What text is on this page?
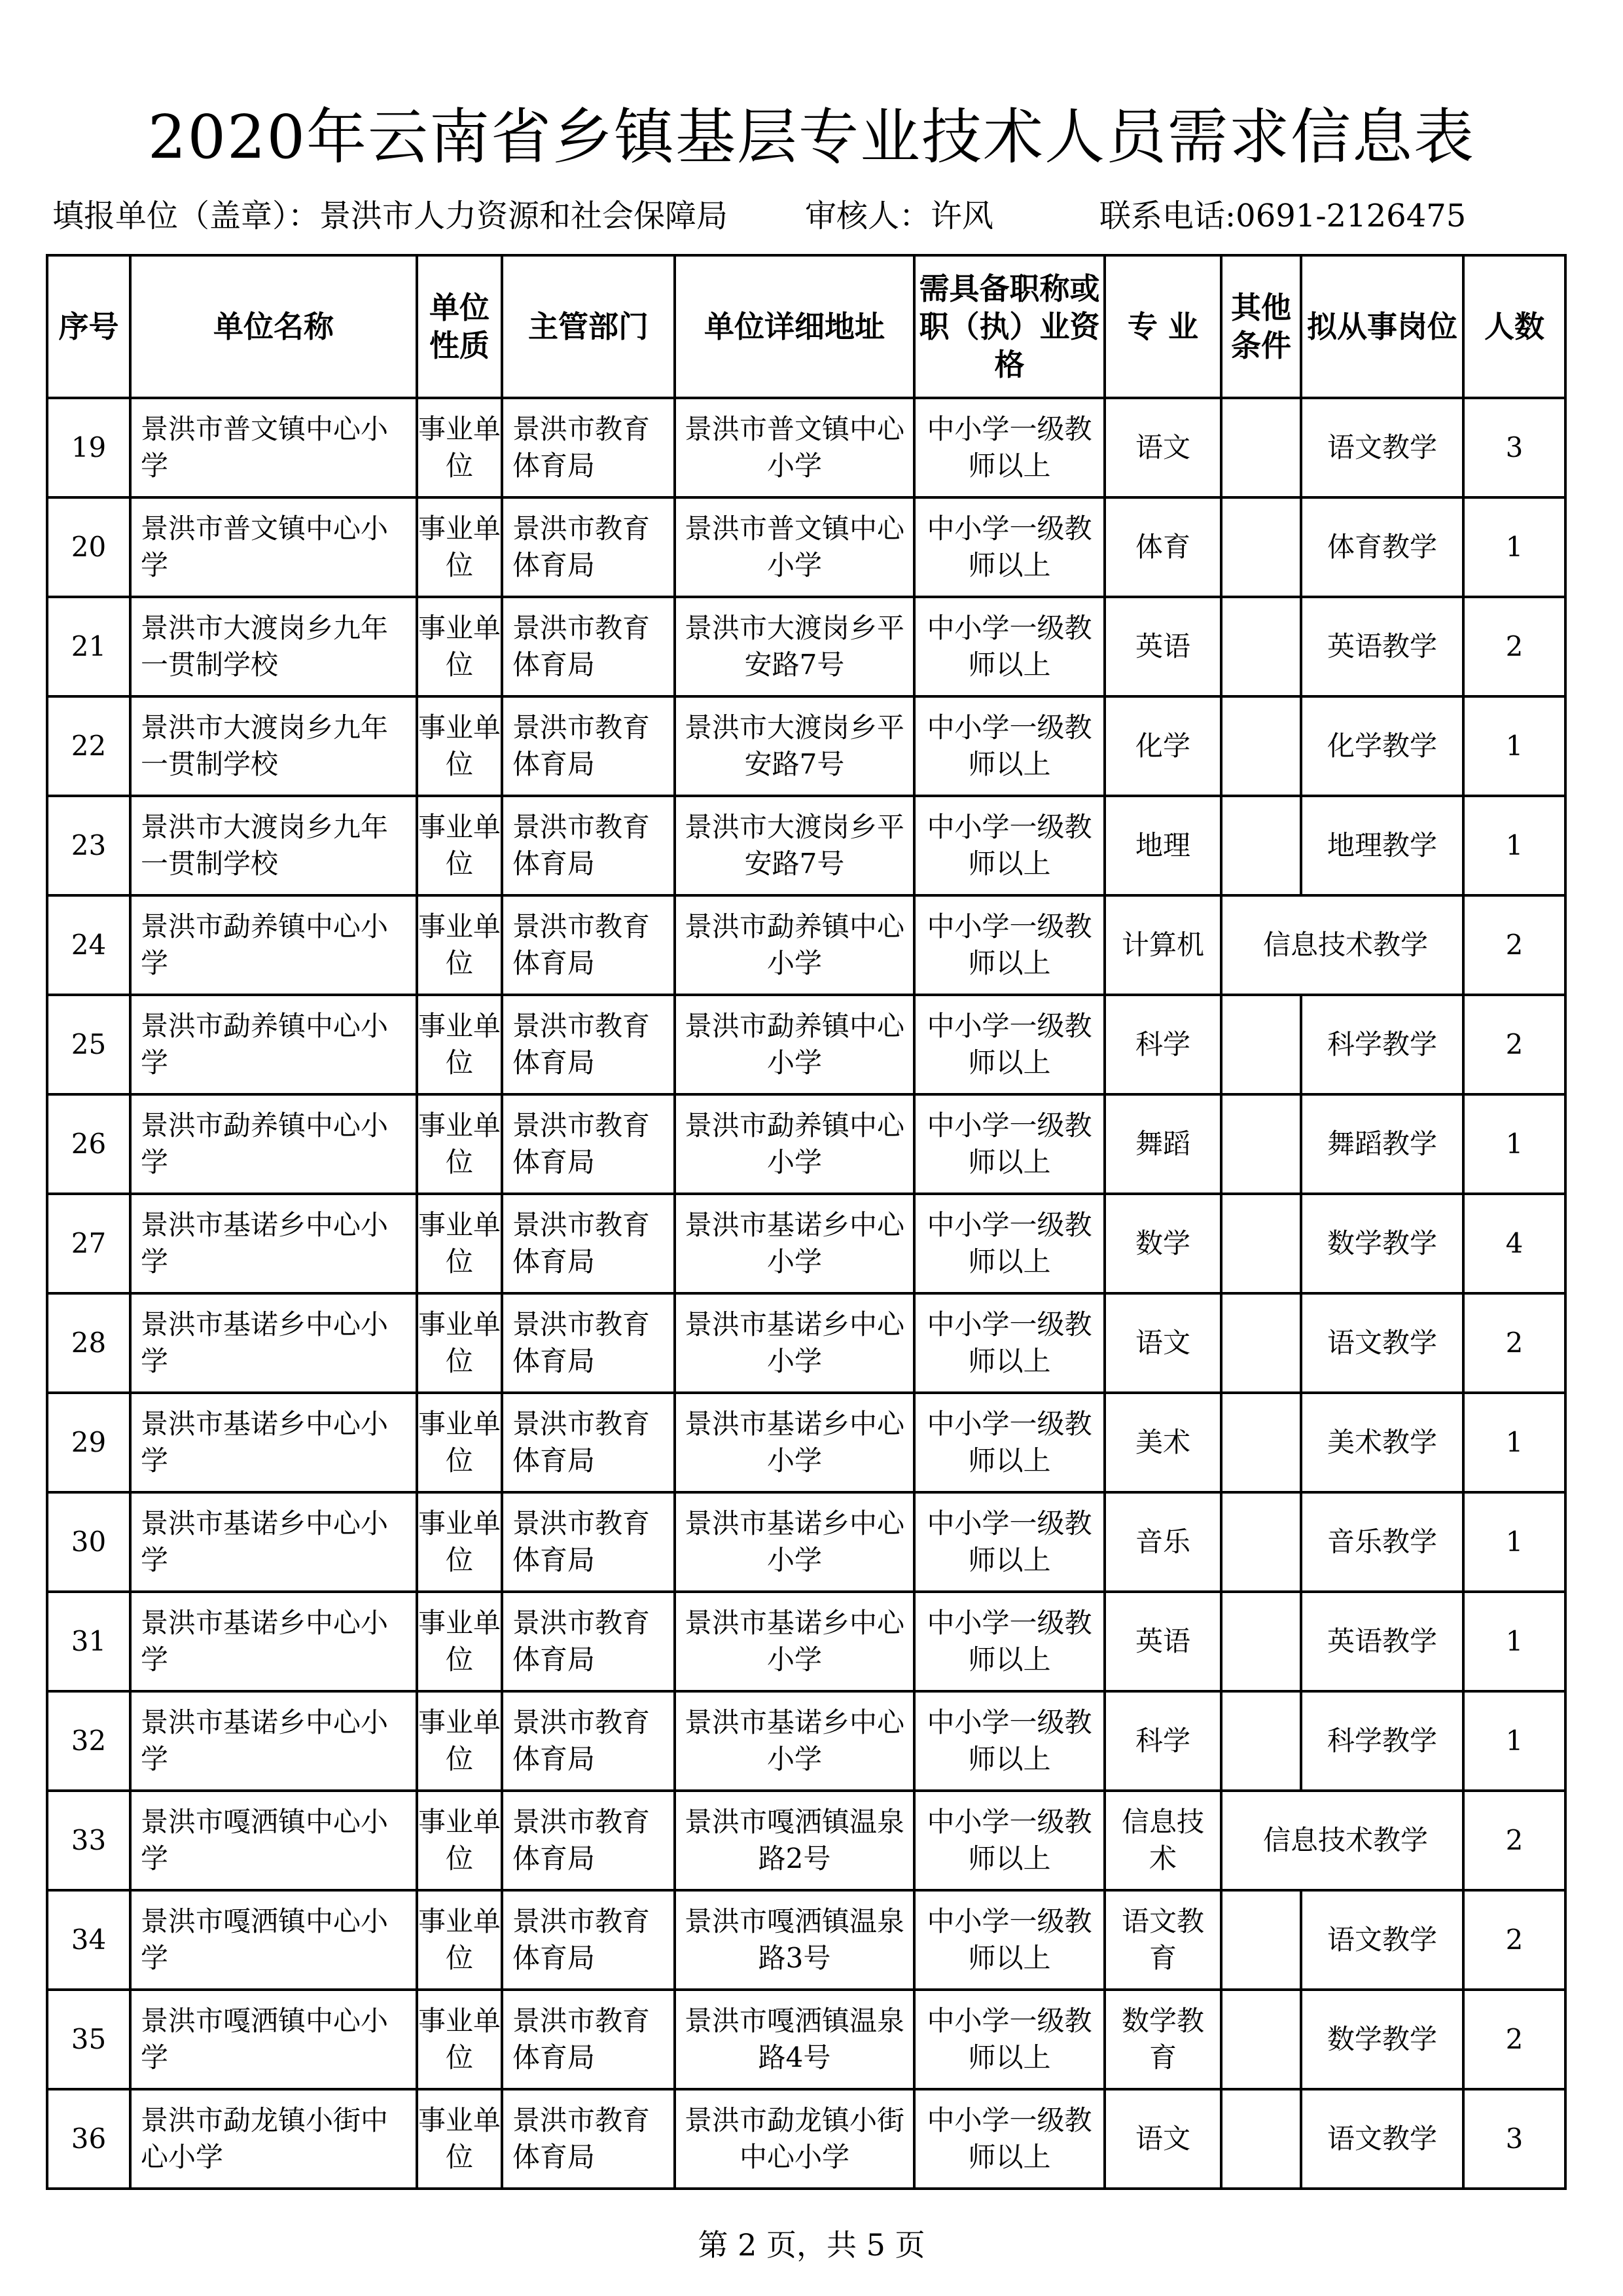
2020年云南省乡镇基层专业技术人员需求信息表
填报单位（盖章）：景洪市人力资源和社会保障局 审核人：许风	联系电话:0691-2126475
序号	单位名称	单位性质	主管部门	单位详细地址	需具备职称或职（执）业资格	专 业	其他条件	拟从事岗位	人数
19	景洪市普文镇中心小学	事业单位	景洪市教育体育局	景洪市普文镇中心小学	中小学一级教师以上	语文		语文教学	3
20	景洪市普文镇中心小学	事业单位	景洪市教育体育局	景洪市普文镇中心小学	中小学一级教师以上	体育		体育教学	1
21	景洪市大渡岗乡九年一贯制学校	事业单位	景洪市教育体育局	景洪市大渡岗乡平安路7号	中小学一级教师以上	英语		英语教学	2
22	景洪市大渡岗乡九年一贯制学校	事业单位	景洪市教育体育局	景洪市大渡岗乡平安路7号	中小学一级教师以上	化学		化学教学	1
23	景洪市大渡岗乡九年一贯制学校	事业单位	景洪市教育体育局	景洪市大渡岗乡平安路7号	中小学一级教师以上	地理		地理教学	1
24	景洪市勐养镇中心小学	事业单位	景洪市教育体育局	景洪市勐养镇中心小学	中小学一级教师以上	计算机	信息技术教学		2
25	景洪市勐养镇中心小学	事业单位	景洪市教育体育局	景洪市勐养镇中心小学	中小学一级教师以上	科学		科学教学	2
26	景洪市勐养镇中心小学	事业单位	景洪市教育体育局	景洪市勐养镇中心小学	中小学一级教师以上	舞蹈		舞蹈教学	1
27	景洪市基诺乡中心小学	事业单位	景洪市教育体育局	景洪市基诺乡中心小学	中小学一级教师以上	数学		数学教学	4
28	景洪市基诺乡中心小学	事业单位	景洪市教育体育局	景洪市基诺乡中心小学	中小学一级教师以上	语文		语文教学	2
29	景洪市基诺乡中心小学	事业单位	景洪市教育体育局	景洪市基诺乡中心小学	中小学一级教师以上	美术		美术教学	1
30	景洪市基诺乡中心小学	事业单位	景洪市教育体育局	景洪市基诺乡中心小学	中小学一级教师以上	音乐		音乐教学	1
31	景洪市基诺乡中心小学	事业单位	景洪市教育体育局	景洪市基诺乡中心小学	中小学一级教师以上	英语		英语教学	1
32	景洪市基诺乡中心小学	事业单位	景洪市教育体育局	景洪市基诺乡中心小学	中小学一级教师以上	科学		科学教学	1
33	景洪市嘎洒镇中心小学	事业单位	景洪市教育体育局	景洪市嘎洒镇温泉路2号	中小学一级教师以上	信息技术	信息技术教学		2
34	景洪市嘎洒镇中心小学	事业单位	景洪市教育体育局	景洪市嘎洒镇温泉路3号	中小学一级教师以上	语文教育		语文教学	2
35	景洪市嘎洒镇中心小学	事业单位	景洪市教育体育局	景洪市嘎洒镇温泉路4号	中小学一级教师以上	数学教育		数学教学	2
36	景洪市勐龙镇小街中心小学	事业单位	景洪市教育体育局	景洪市勐龙镇小街中心小学	中小学一级教师以上	语文		语文教学	3
第 2 页，共 5 页
